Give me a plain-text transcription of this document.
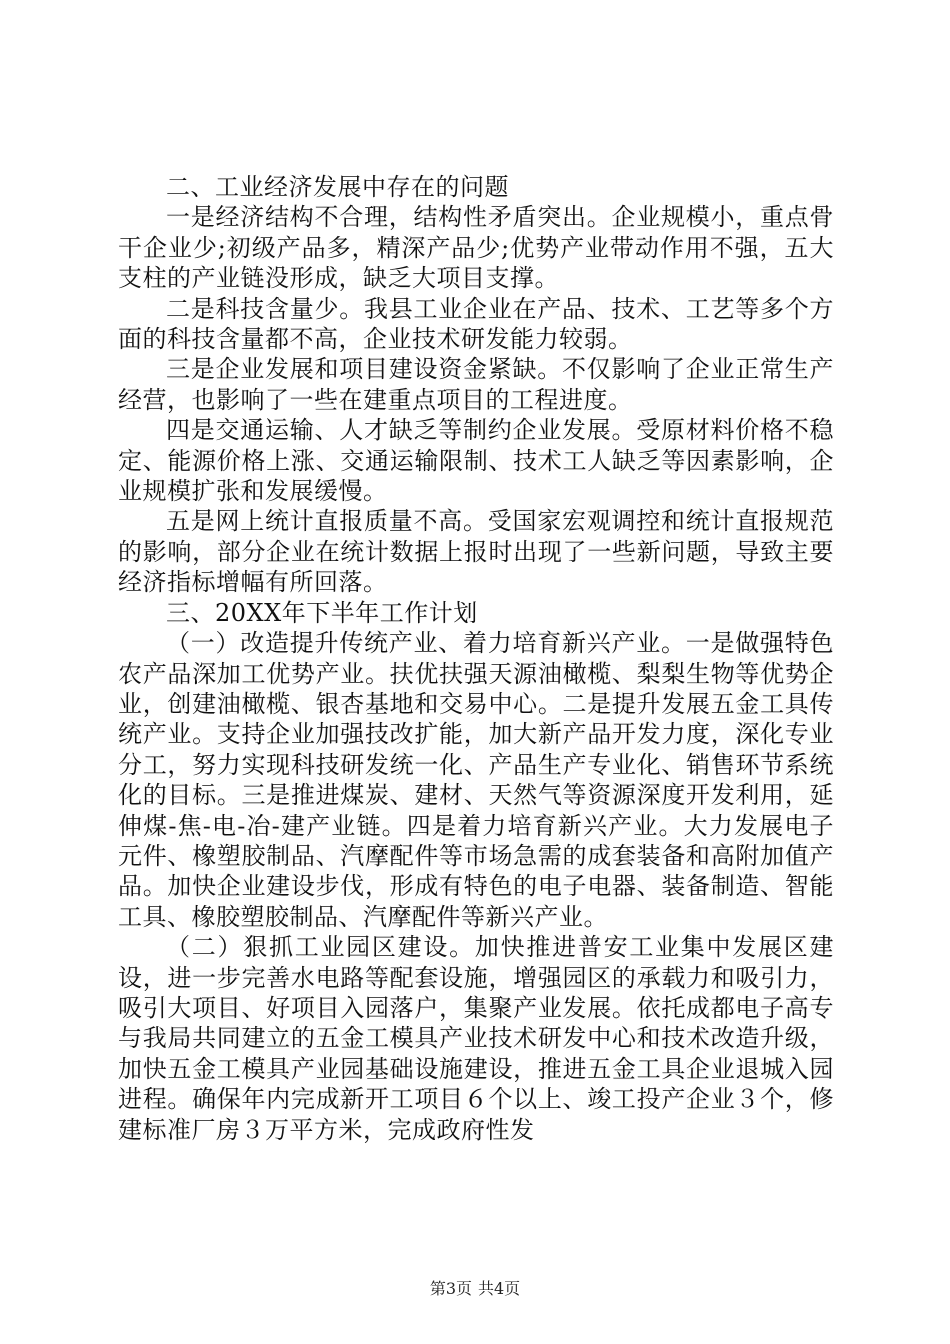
二、工业经济发展中存在的问题

一是经济结构不合理，结构性矛盾突出。企业规模小，重点骨干企业少;初级产品多，精深产品少;优势产业带动作用不强，五大支柱的产业链没形成，缺乏大项目支撑。

二是科技含量少。我县工业企业在产品、技术、工艺等多个方面的科技含量都不高，企业技术研发能力较弱。

三是企业发展和项目建设资金紧缺。不仅影响了企业正常生产经营，也影响了一些在建重点项目的工程进度。

四是交通运输、人才缺乏等制约企业发展。受原材料价格不稳定、能源价格上涨、交通运输限制、技术工人缺乏等因素影响，企业规模扩张和发展缓慢。

五是网上统计直报质量不高。受国家宏观调控和统计直报规范的影响，部分企业在统计数据上报时出现了一些新问题，导致主要经济指标增幅有所回落。

三、20XX年下半年工作计划

（一）改造提升传统产业、着力培育新兴产业。一是做强特色农产品深加工优势产业。扶优扶强天源油橄榄、梨梨生物等优势企业，创建油橄榄、银杏基地和交易中心。二是提升发展五金工具传统产业。支持企业加强技改扩能，加大新产品开发力度，深化专业分工，努力实现科技研发统一化、产品生产专业化、销售环节系统化的目标。三是推进煤炭、建材、天然气等资源深度开发利用，延伸煤-焦-电-冶-建产业链。四是着力培育新兴产业。大力发展电子元件、橡塑胶制品、汽摩配件等市场急需的成套装备和高附加值产品。加快企业建设步伐，形成有特色的电子电器、装备制造、智能工具、橡胶塑胶制品、汽摩配件等新兴产业。

（二）狠抓工业园区建设。加快推进普安工业集中发展区建设，进一步完善水电路等配套设施，增强园区的承载力和吸引力，吸引大项目、好项目入园落户，集聚产业发展。依托成都电子高专与我局共同建立的五金工模具产业技术研发中心和技术改造升级，加快五金工模具产业园基础设施建设，推进五金工具企业退城入园进程。确保年内完成新开工项目６个以上、竣工投产企业３个，修建标准厂房３万平方米，完成政府性发

第3页 共4页
